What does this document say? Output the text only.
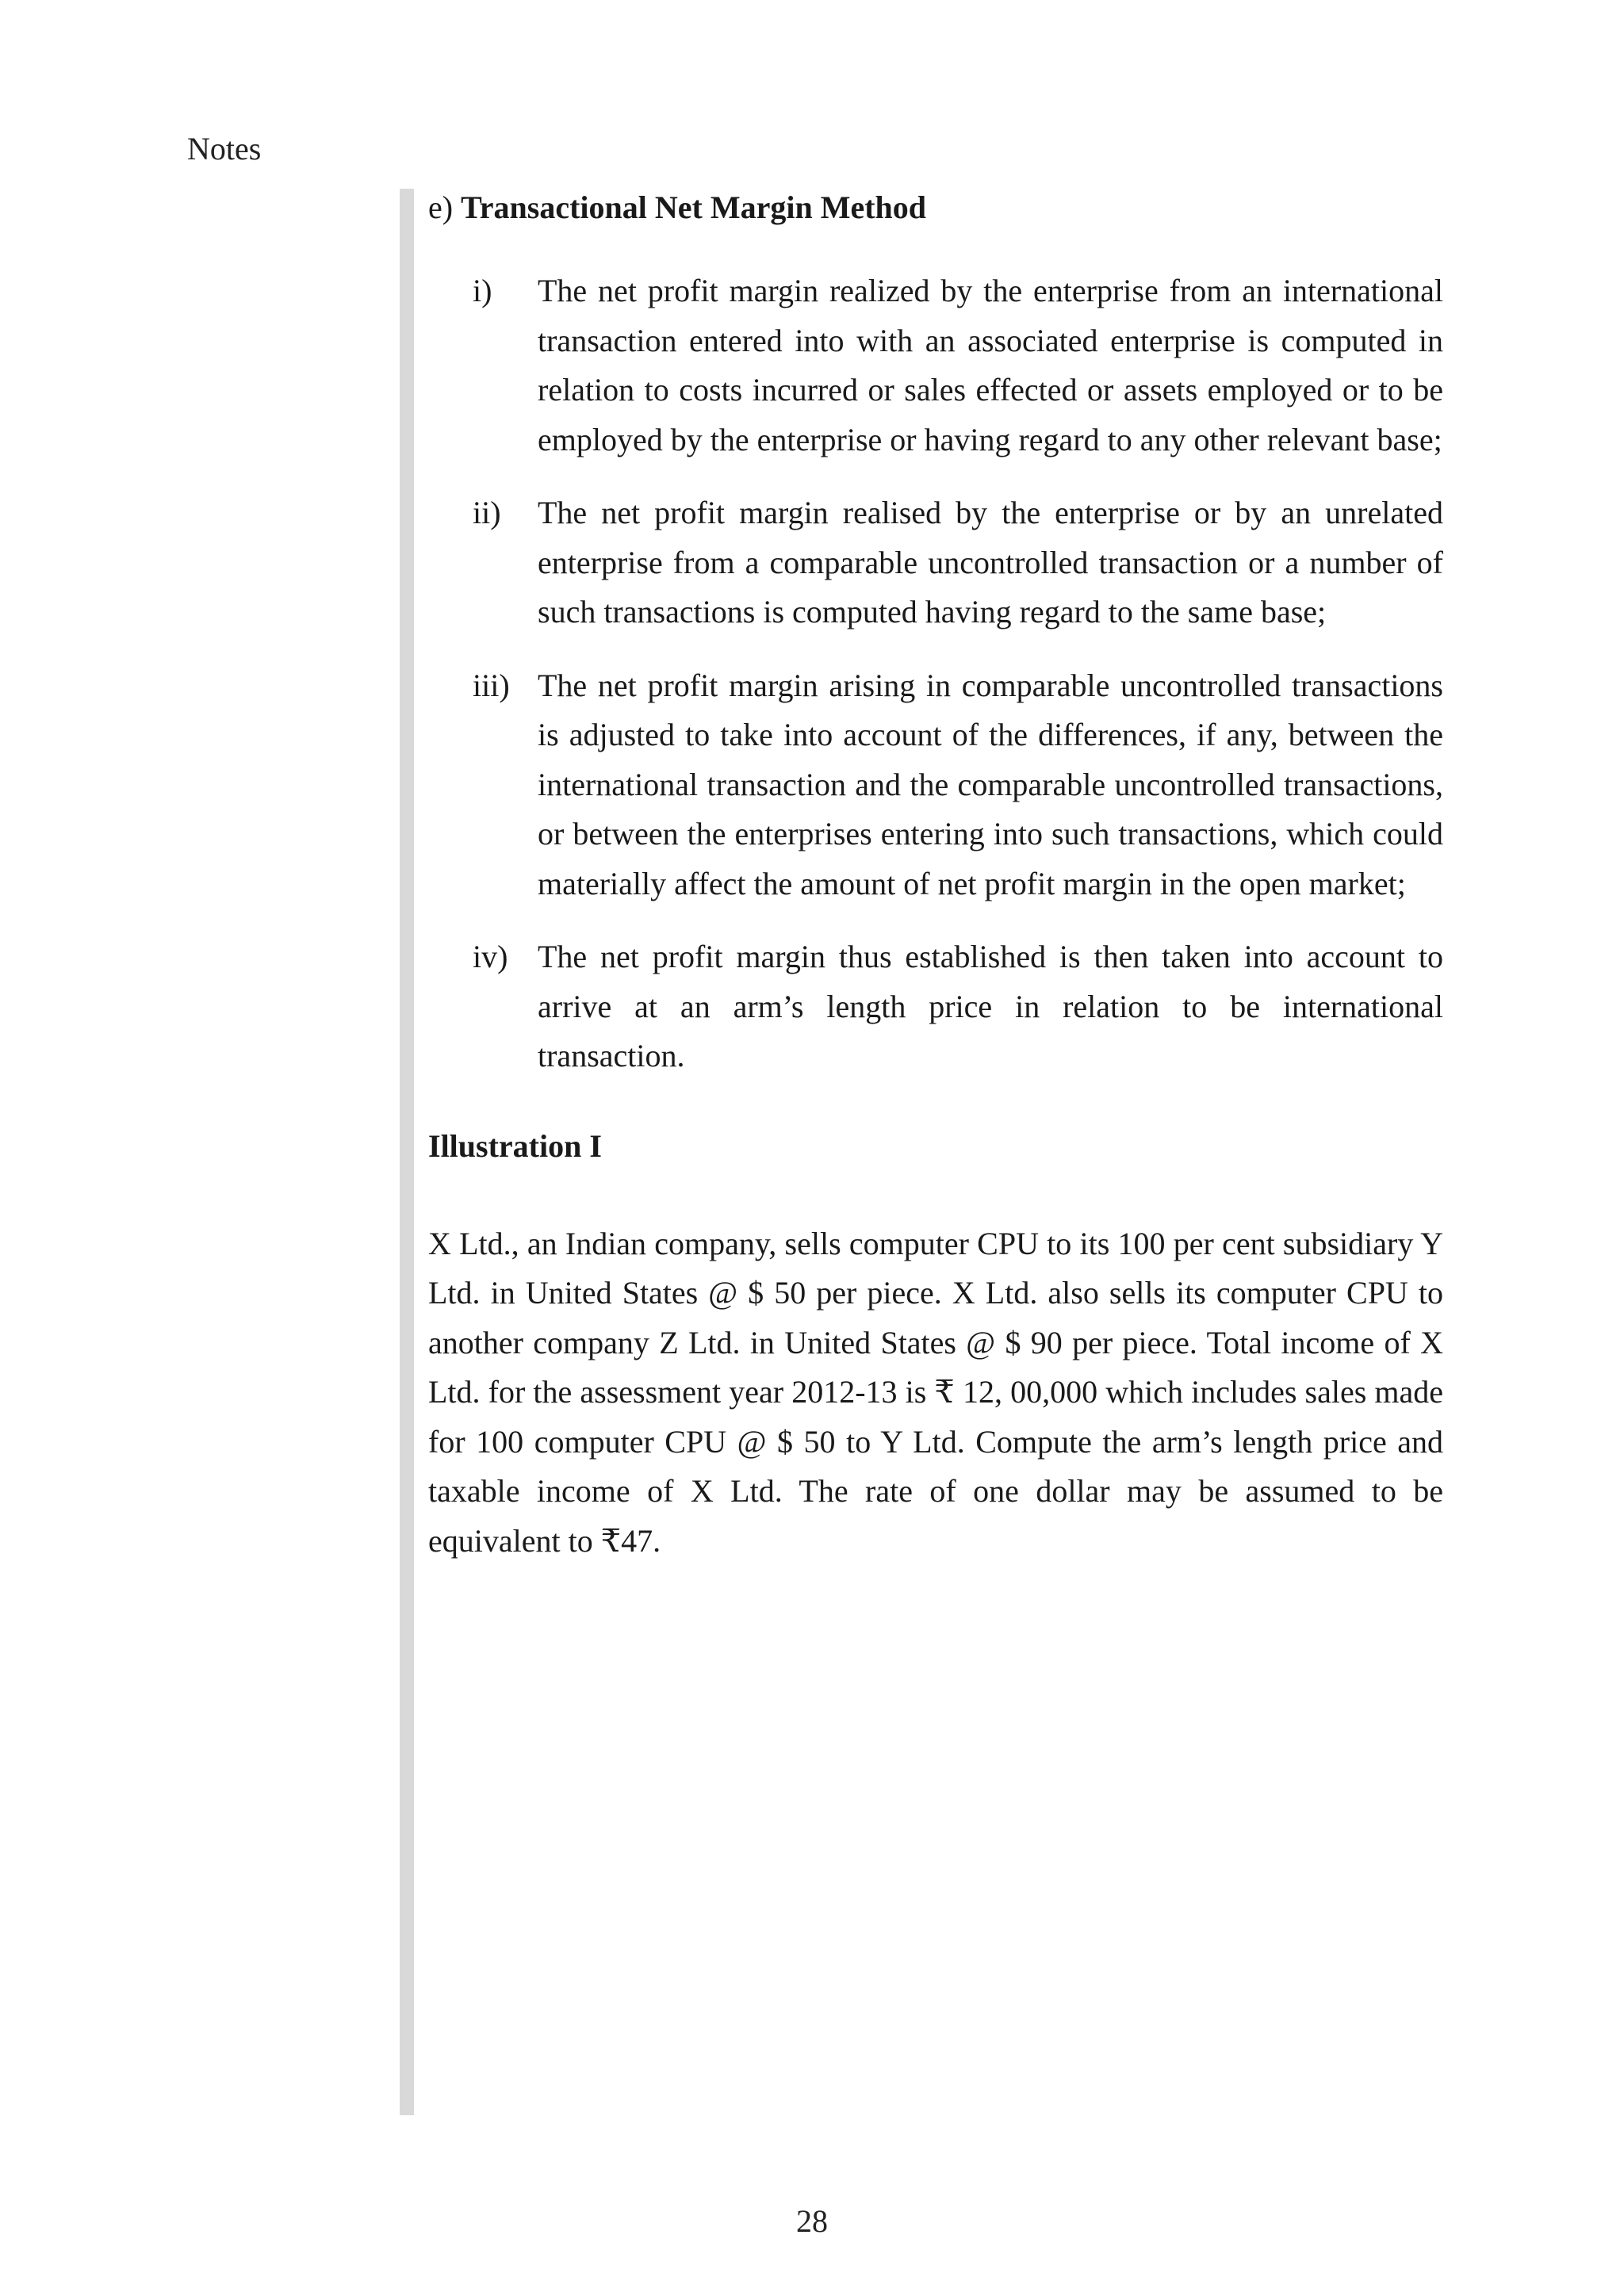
Notes
e) Transactional Net Margin Method
i)	The net profit margin realized by the enterprise from an international transaction entered into with an associated enterprise is computed in relation to costs incurred or sales effected or assets employed or to be employed by the enterprise or having regard to any other relevant base;
ii)	The net profit margin realised by the enterprise or by an unrelated enterprise from a comparable uncontrolled transaction or a number of such transactions is computed having regard to the same base;
iii) The net profit margin arising in comparable uncontrolled transactions is adjusted to take into account of the differences, if any, between the international transaction and the comparable uncontrolled transactions, or between the enterprises entering into such transactions, which could materially affect the amount of net profit margin in the open market;
iv) The net profit margin thus established is then taken into account to arrive at an arm’s length price in relation to be international transaction.
Illustration I

X Ltd., an Indian company, sells computer CPU to its 100 per cent subsidiary Y Ltd. in United States @ $ 50 per piece. X Ltd. also sells its computer CPU to another company Z Ltd. in United States @ $ 90 per piece. Total income of X Ltd. for the assessment year 2012-13 is ₹ 12, 00,000 which includes sales made for 100 computer CPU @ $ 50 to Y Ltd. Compute the arm’s length price and taxable income of X Ltd. The rate of one dollar may be assumed to be equivalent to ₹47.

28
